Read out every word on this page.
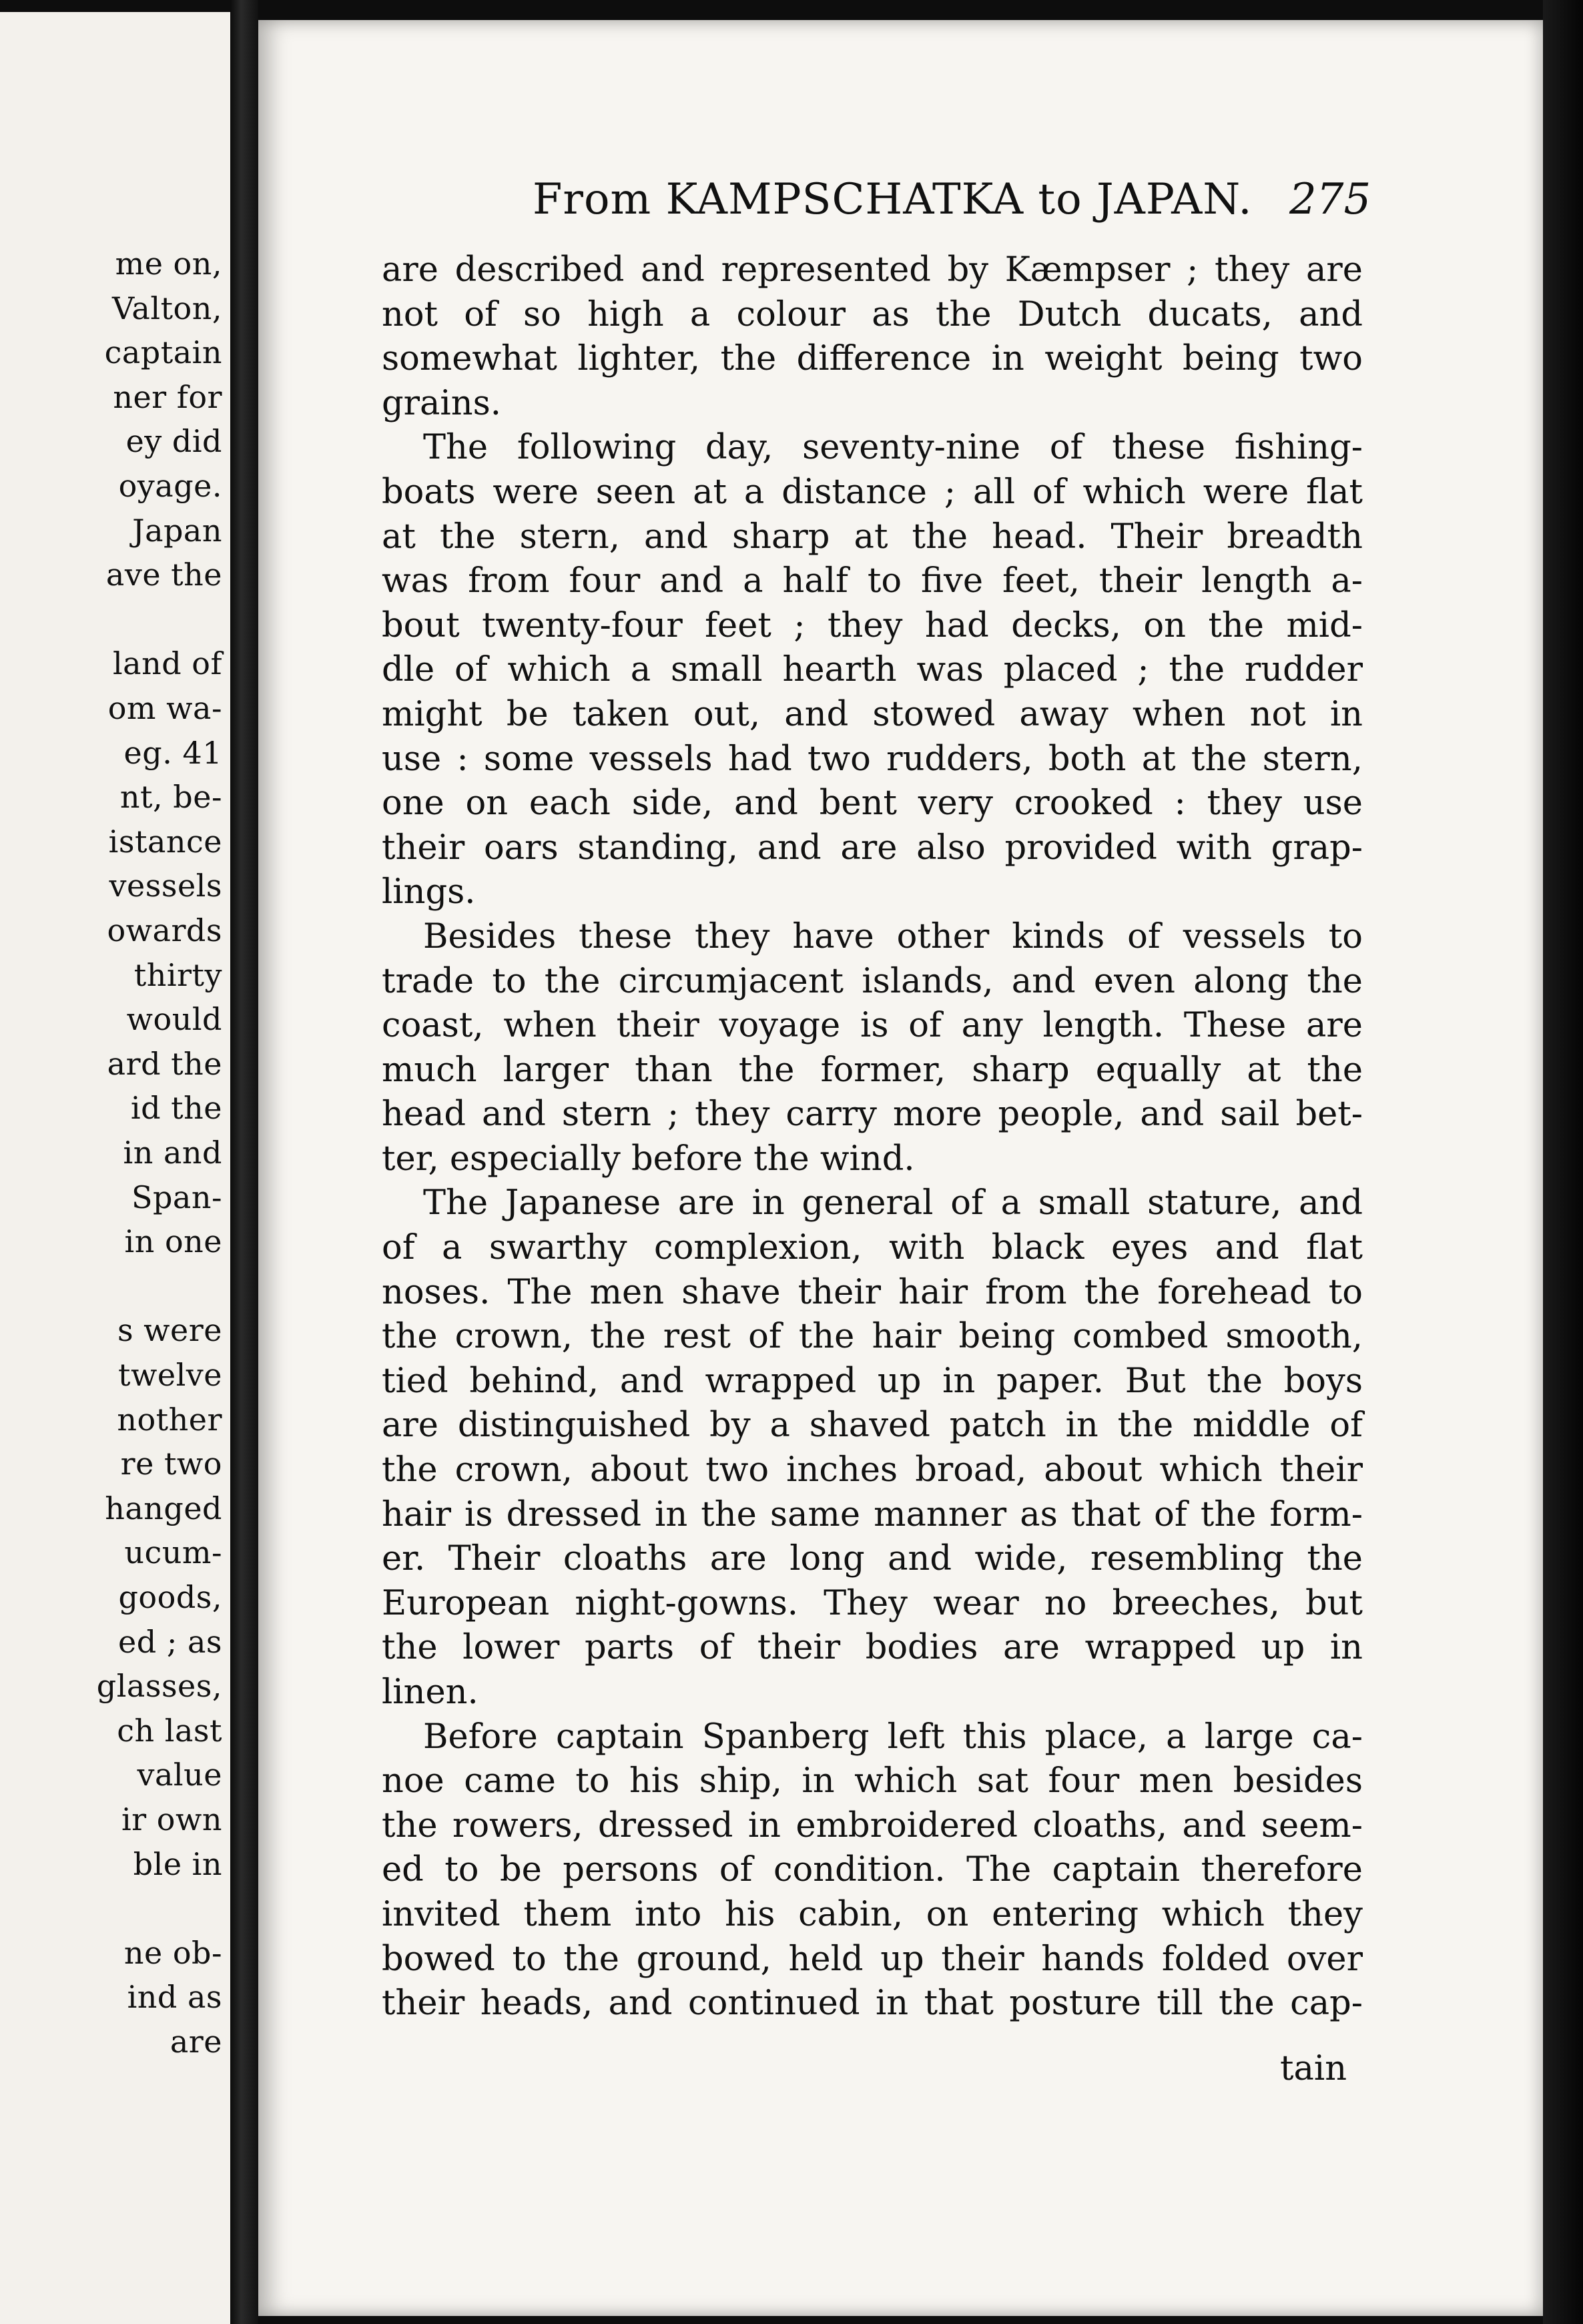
me on,
Valton,
captain
ner for
ey did
oyage.
Japan
ave the
land of
om wa-
eg. 41
nt, be-
istance
vessels
owards
thirty
would
ard the
id the
in and
Span-
in one
s were
twelve
nother
re two
hanged
ucum-
goods,
ed ; as
glasses,
ch last
value
ir own
ble in
ne ob-
ind as
are
From KAMPSCHATKA to JAPAN. 275
are described and represented by Kæmpser ; they are
not of so high a colour as the Dutch ducats, and
somewhat lighter, the difference in weight being two
grains.
The following day, seventy-nine of these fishing-
boats were seen at a distance ; all of which were flat
at the stern, and sharp at the head. Their breadth
was from four and a half to five feet, their length a-
bout twenty-four feet ; they had decks, on the mid-
dle of which a small hearth was placed ; the rudder
might be taken out, and stowed away when not in
use : some vessels had two rudders, both at the stern,
one on each side, and bent very crooked : they use
their oars standing, and are also provided with grap-
lings.
Besides these they have other kinds of vessels to
trade to the circumjacent islands, and even along the
coast, when their voyage is of any length. These are
much larger than the former, sharp equally at the
head and stern ; they carry more people, and sail bet-
ter, especially before the wind.
The Japanese are in general of a small stature, and
of a swarthy complexion, with black eyes and flat
noses. The men shave their hair from the forehead to
the crown, the rest of the hair being combed smooth,
tied behind, and wrapped up in paper. But the boys
are distinguished by a shaved patch in the middle of
the crown, about two inches broad, about which their
hair is dressed in the same manner as that of the form-
er. Their cloaths are long and wide, resembling the
European night-gowns. They wear no breeches, but
the lower parts of their bodies are wrapped up in
linen.
Before captain Spanberg left this place, a large ca-
noe came to his ship, in which sat four men besides
the rowers, dressed in embroidered cloaths, and seem-
ed to be persons of condition. The captain therefore
invited them into his cabin, on entering which they
bowed to the ground, held up their hands folded over
their heads, and continued in that posture till the cap-
tain
